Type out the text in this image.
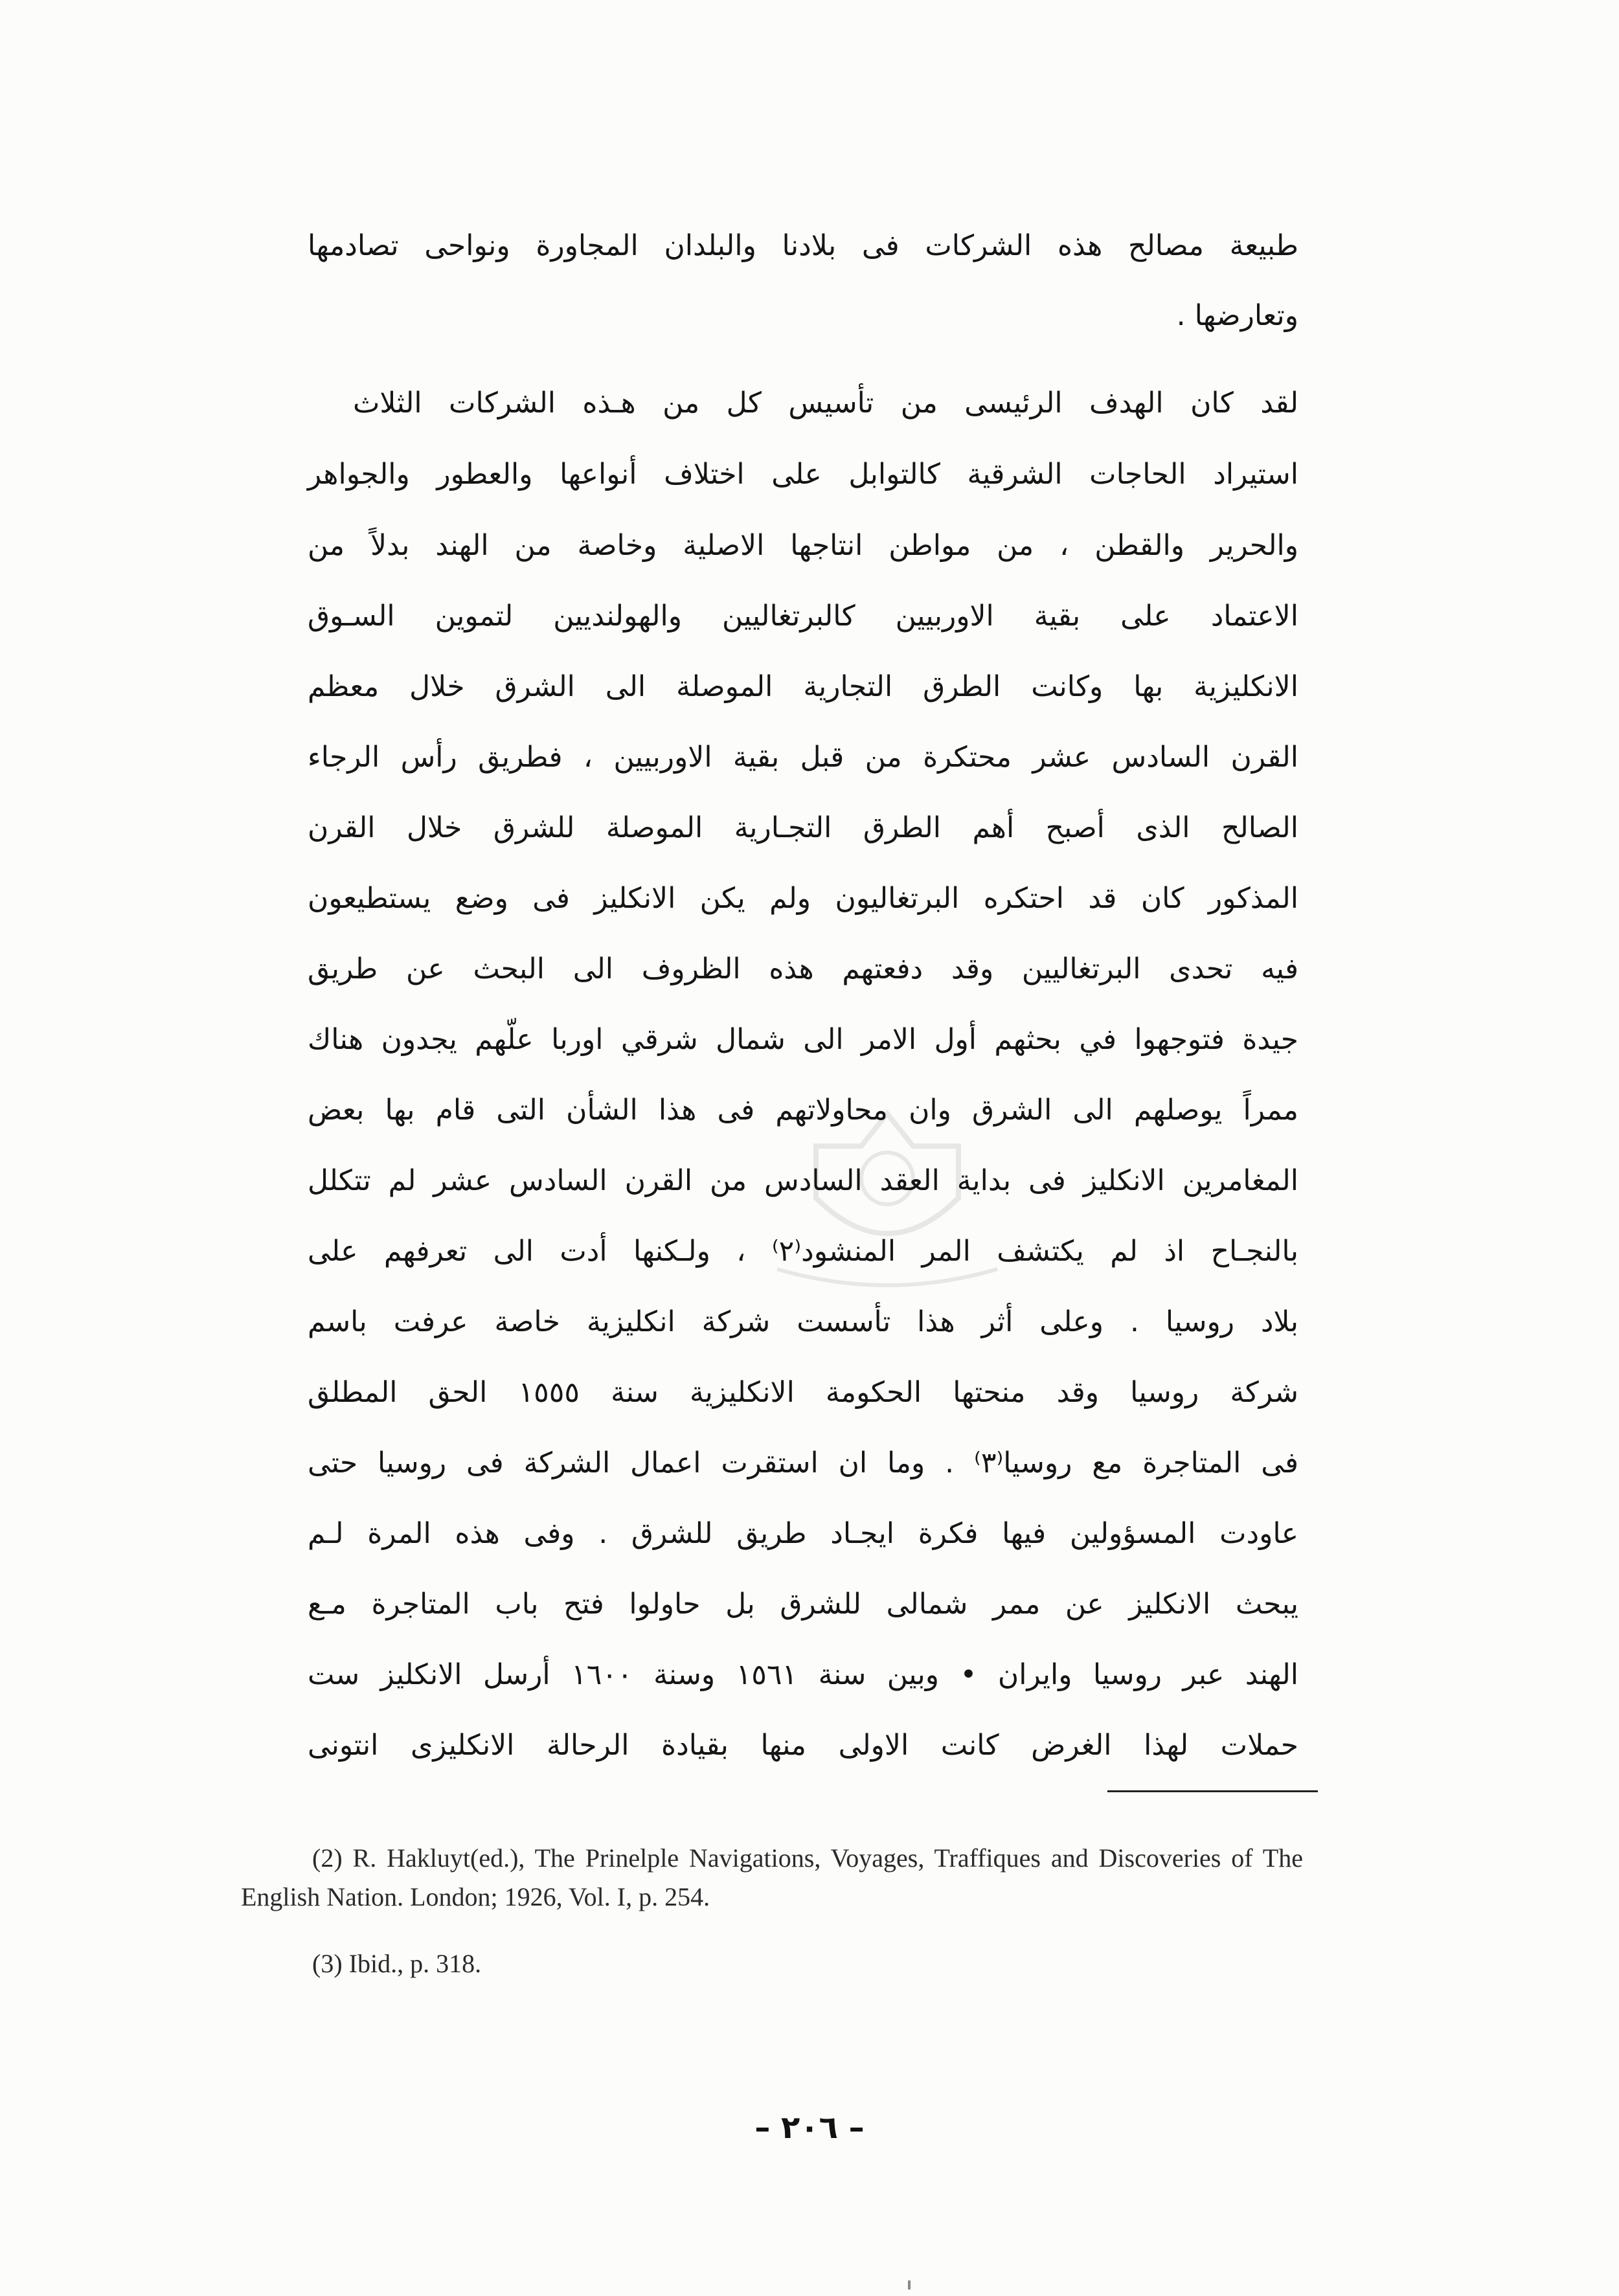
طبيعة مصالح هذه الشركات فى بلادنا والبلدان المجاورة ونواحى تصادمها
وتعارضها .
لقد كان الهدف الرئيسى من تأسيس كل من هـذه الشركات الثلاث
استيراد الحاجات الشرقية كالتوابل على اختلاف أنواعها والعطور والجواهر
والحرير والقطن ، من مواطن انتاجها الاصلية وخاصة من الهند بدلاً من
الاعتماد على بقية الاوربيين كالبرتغاليين والهولنديين لتموين السـوق
الانكليزية بها وكانت الطرق التجارية الموصلة الى الشرق خلال معظم
القرن السادس عشر محتكرة من قبل بقية الاوربيين ، فطريق رأس الرجاء
الصالح الذى أصبح أهم الطرق التجـارية الموصلة للشرق خلال القرن
المذكور كان قد احتكره البرتغاليون ولم يكن الانكليز فى وضع يستطيعون
فيه تحدى البرتغاليين وقد دفعتهم هذه الظروف الى البحث عن طريق
جيدة فتوجهوا في بحثهم أول الامر الى شمال شرقي اوربا علّهم يجدون هناك
ممراً يوصلهم الى الشرق وان محاولاتهم فى هذا الشأن التى قام بها بعض
المغامرين الانكليز فى بداية العقد السادس من القرن السادس عشر لم تتكلل
بالنجـاح اذ لم يكتشف المر المنشود⁽٢⁾ ، ولـكنها أدت الى تعرفهم على
بلاد روسيا . وعلى أثر هذا تأسست شركة انكليزية خاصة عرفت باسم
شركة روسيا وقد منحتها الحكومة الانكليزية سنة ١٥٥٥ الحق المطلق
فى المتاجرة مع روسيا⁽٣⁾ . وما ان استقرت اعمال الشركة فى روسيا حتى
عاودت المسؤولين فيها فكرة ايجـاد طريق للشرق . وفى هذه المرة لـم
يبحث الانكليز عن ممر شمالى للشرق بل حاولوا فتح باب المتاجرة مـع
الهند عبر روسيا وايران • وبين سنة ١٥٦١ وسنة ١٦٠٠ أرسل الانكليز ست
حملات لهذا الغرض كانت الاولى منها بقيادة الرحالة الانكليزى انتونى
(2) R. Hakluyt(ed.), The Prinelple Navigations, Voyages, Traffiques and Discoveries of The English Nation. London; 1926, Vol. I, p. 254.
(3) Ibid., p. 318.
– ٢٠٦ –
